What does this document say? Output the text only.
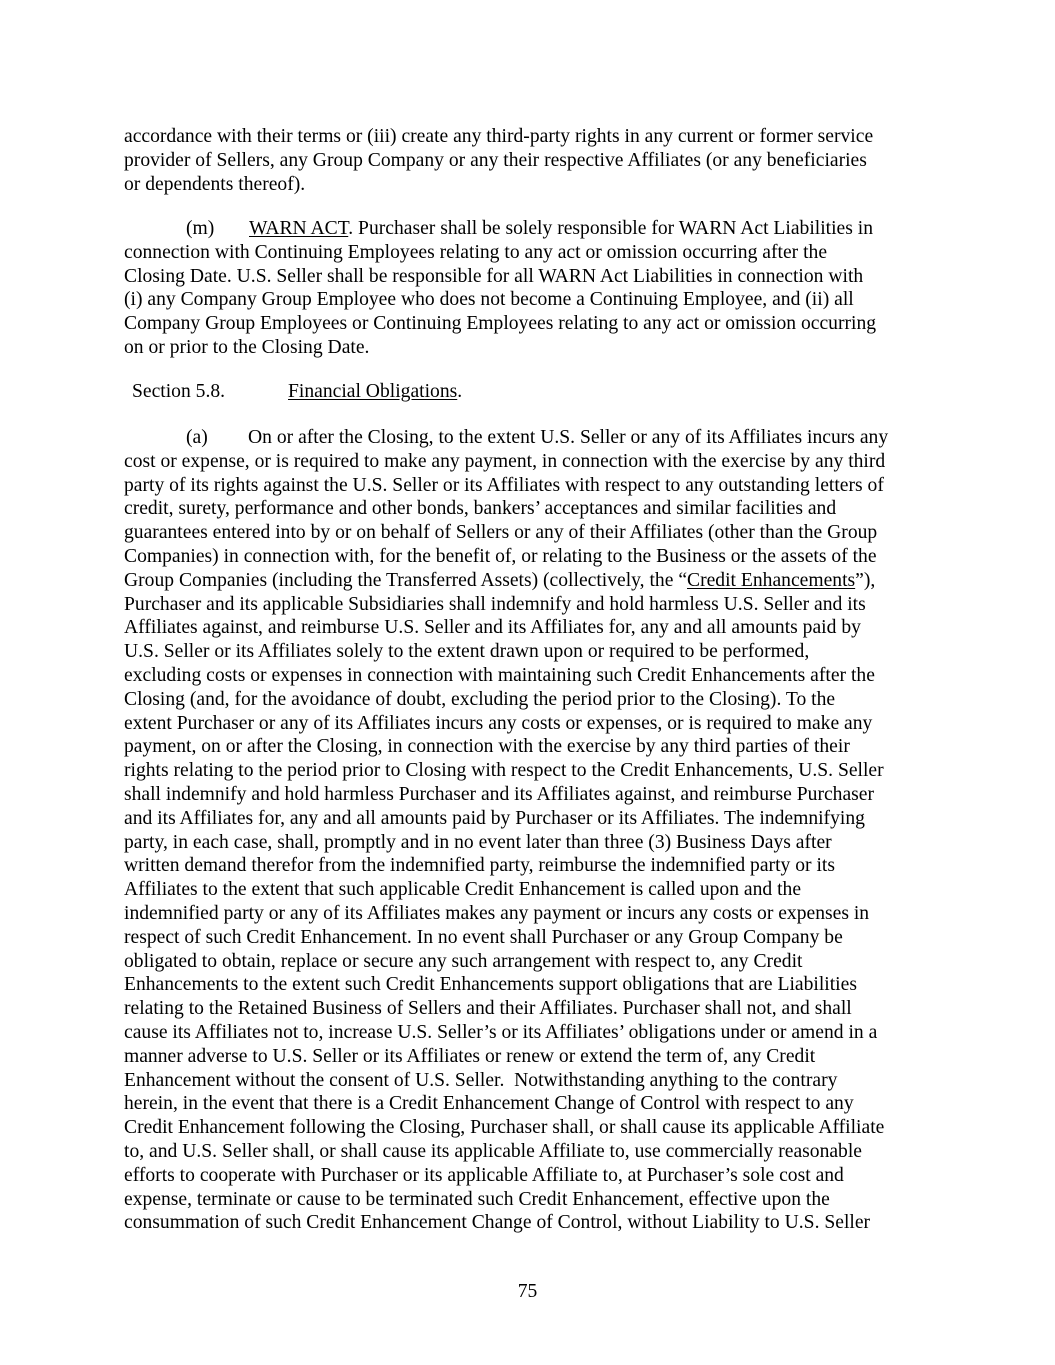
accordance with their terms or (iii) create any third-party rights in any current or former service
provider of Sellers, any Group Company or any their respective Affiliates (or any beneficiaries
or dependents thereof).
(m) WARN ACT. Purchaser shall be solely responsible for WARN Act Liabilities in
connection with Continuing Employees relating to any act or omission occurring after the
Closing Date. U.S. Seller shall be responsible for all WARN Act Liabilities in connection with
(i) any Company Group Employee who does not become a Continuing Employee, and (ii) all
Company Group Employees or Continuing Employees relating to any act or omission occurring
on or prior to the Closing Date.
Section 5.8.	Financial Obligations.
(a) On or after the Closing, to the extent U.S. Seller or any of its Affiliates incurs any
cost or expense, or is required to make any payment, in connection with the exercise by any third
party of its rights against the U.S. Seller or its Affiliates with respect to any outstanding letters of
credit, surety, performance and other bonds, bankers’ acceptances and similar facilities and
guarantees entered into by or on behalf of Sellers or any of their Affiliates (other than the Group
Companies) in connection with, for the benefit of, or relating to the Business or the assets of the
Group Companies (including the Transferred Assets) (collectively, the “Credit Enhancements”),
Purchaser and its applicable Subsidiaries shall indemnify and hold harmless U.S. Seller and its
Affiliates against, and reimburse U.S. Seller and its Affiliates for, any and all amounts paid by
U.S. Seller or its Affiliates solely to the extent drawn upon or required to be performed,
excluding costs or expenses in connection with maintaining such Credit Enhancements after the
Closing (and, for the avoidance of doubt, excluding the period prior to the Closing). To the
extent Purchaser or any of its Affiliates incurs any costs or expenses, or is required to make any
payment, on or after the Closing, in connection with the exercise by any third parties of their
rights relating to the period prior to Closing with respect to the Credit Enhancements, U.S. Seller
shall indemnify and hold harmless Purchaser and its Affiliates against, and reimburse Purchaser
and its Affiliates for, any and all amounts paid by Purchaser or its Affiliates. The indemnifying
party, in each case, shall, promptly and in no event later than three (3) Business Days after
written demand therefor from the indemnified party, reimburse the indemnified party or its
Affiliates to the extent that such applicable Credit Enhancement is called upon and the
indemnified party or any of its Affiliates makes any payment or incurs any costs or expenses in
respect of such Credit Enhancement. In no event shall Purchaser or any Group Company be
obligated to obtain, replace or secure any such arrangement with respect to, any Credit
Enhancements to the extent such Credit Enhancements support obligations that are Liabilities
relating to the Retained Business of Sellers and their Affiliates. Purchaser shall not, and shall
cause its Affiliates not to, increase U.S. Seller’s or its Affiliates’ obligations under or amend in a
manner adverse to U.S. Seller or its Affiliates or renew or extend the term of, any Credit
Enhancement without the consent of U.S. Seller.  Notwithstanding anything to the contrary
herein, in the event that there is a Credit Enhancement Change of Control with respect to any
Credit Enhancement following the Closing, Purchaser shall, or shall cause its applicable Affiliate
to, and U.S. Seller shall, or shall cause its applicable Affiliate to, use commercially reasonable
efforts to cooperate with Purchaser or its applicable Affiliate to, at Purchaser’s sole cost and
expense, terminate or cause to be terminated such Credit Enhancement, effective upon the
consummation of such Credit Enhancement Change of Control, without Liability to U.S. Seller
75
